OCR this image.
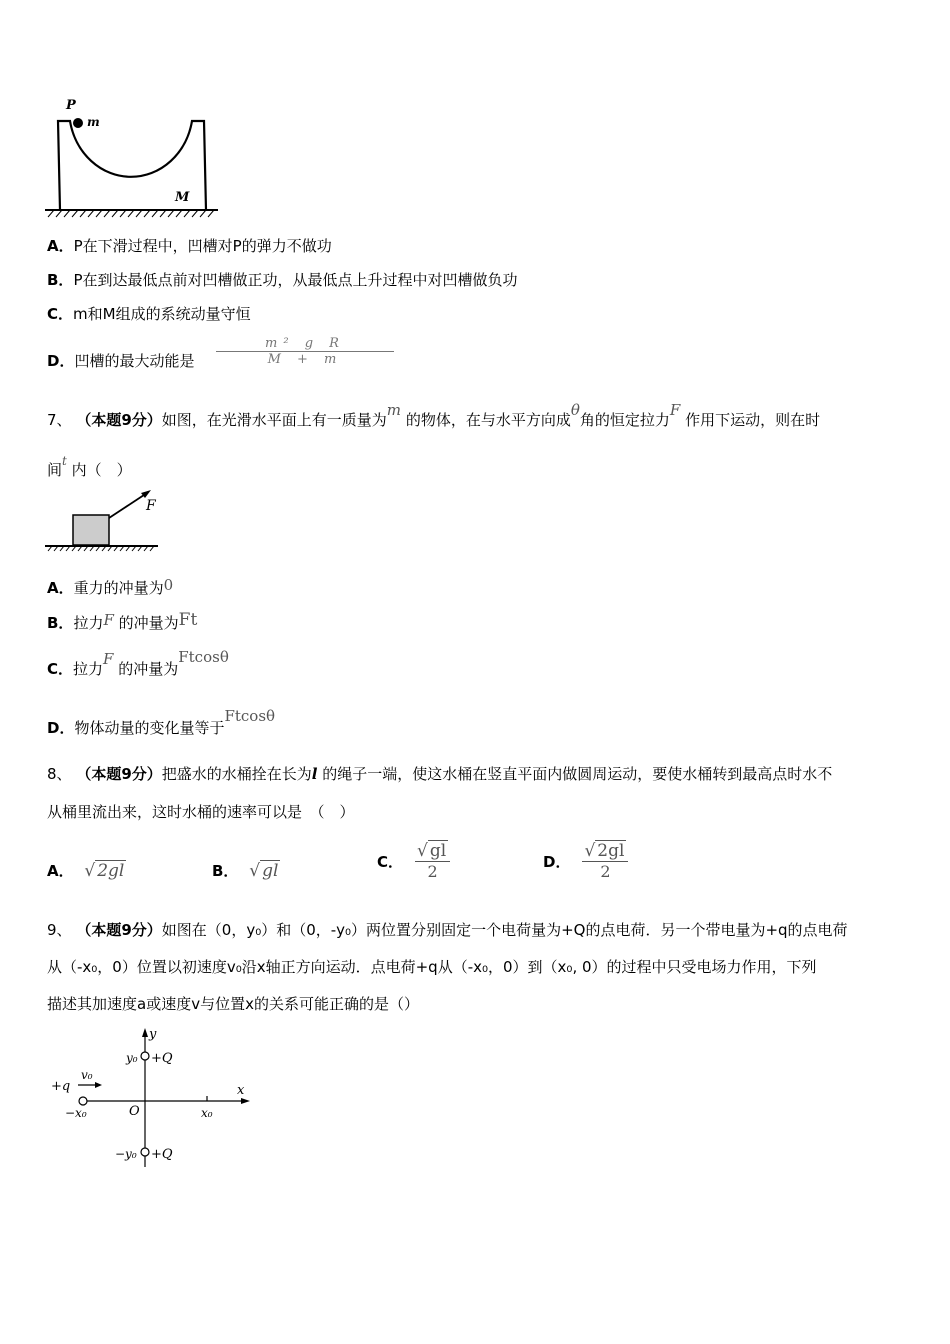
P
m
M
A．P在下滑过程中，凹槽对P的弹力不做功
B．P在到达最低点前对凹槽做正功，从最低点上升过程中对凹槽做负功
C．m和M组成的系统动量守恒
D．凹槽的最大动能是
m² g R
M + m
7、 （本题9分）如图，在光滑水平面上有一质量为m 的物体，在与水平方向成θ角的恒定拉力F 作用下运动，则在时
间$^t$ 内（　）
F
A．重力的冲量为0
B．拉力F 的冲量为Ft
C．拉力F 的冲量为Ftcosθ
D．物体动量的变化量等于Ftcosθ
8、 （本题9分）把盛水的水桶拴在长为l 的绳子一端，使这水桶在竖直平面内做圆周运动，要使水桶转到最高点时水不
从桶里流出来，这时水桶的速率可以是　（　）
A． √ 2gl	B． √ gl	C． $\frac{√ gl}{2}$	D． $\frac{√ 2gl}{2}$
9、 （本题9分）如图在（0，y₀）和（0，-y₀）两位置分别固定一个电荷量为+Q的点电荷．另一个带电量为+q的点电荷
从（-x₀，0）位置以初速度v₀沿x轴正方向运动．点电荷+q从（-x₀，0）到（x₀, 0）的过程中只受电场力作用，下列
描述其加速度a或速度v与位置x的关系可能正确的是（）
y
x
O
y₀ +Q
−y₀ +Q
+q
v₀
−x₀	x₀
